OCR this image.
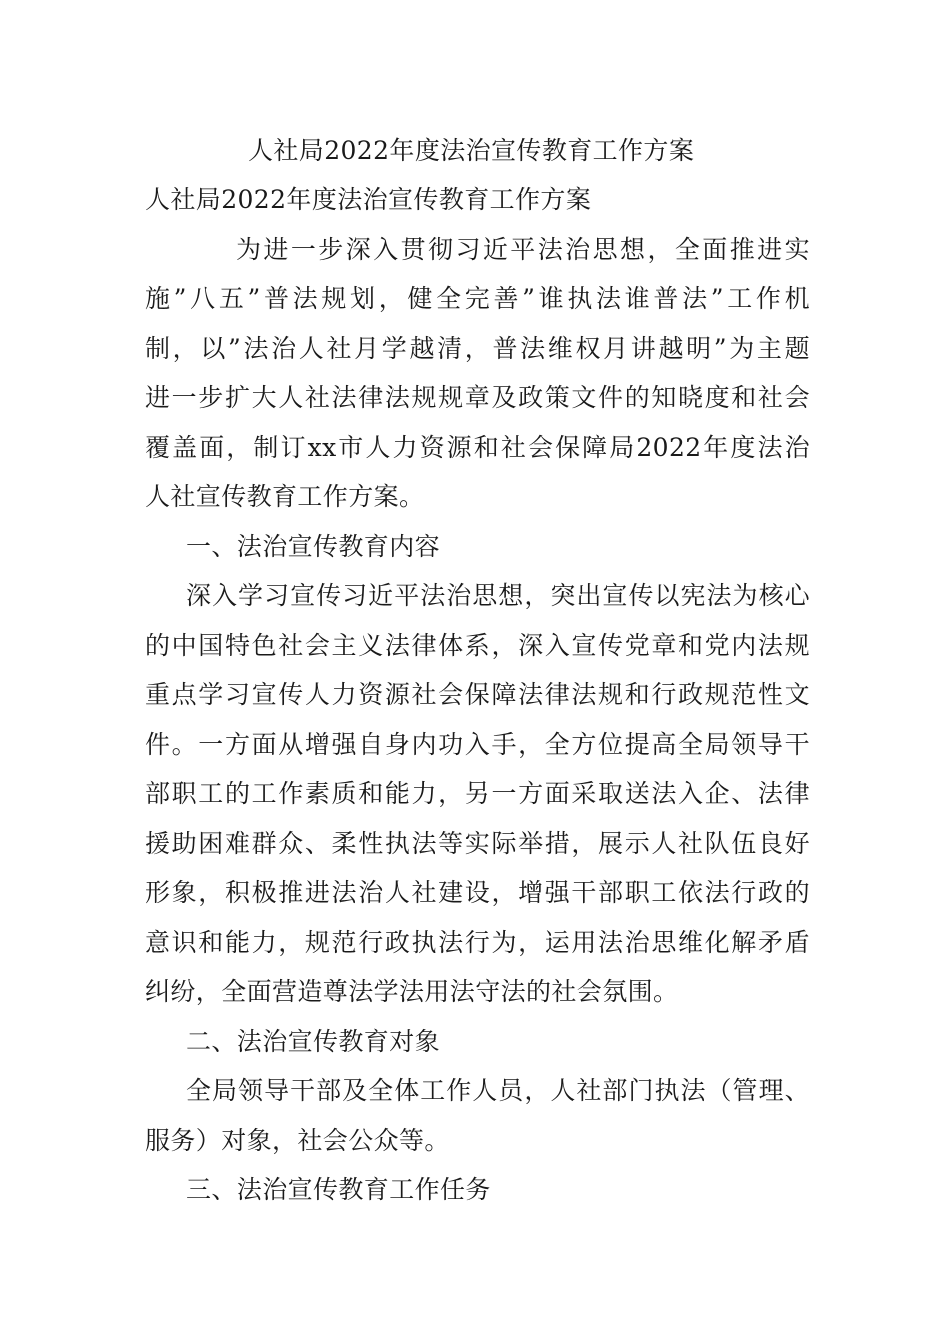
人社局2022年度法治宣传教育工作方案
人社局2022年度法治宣传教育工作方案
为进一步深入贯彻习近平法治思想，全面推进实
施”八五”普法规划，健全完善”谁执法谁普法”工作机
制，以”法治人社月学越清，普法维权月讲越明”为主题
进一步扩大人社法律法规规章及政策文件的知晓度和社会
覆盖面，制订xx市人力资源和社会保障局2022年度法治
人社宣传教育工作方案。
一、法治宣传教育内容
深入学习宣传习近平法治思想，突出宣传以宪法为核心
的中国特色社会主义法律体系，深入宣传党章和党内法规
重点学习宣传人力资源社会保障法律法规和行政规范性文
件。一方面从增强自身内功入手，全方位提高全局领导干
部职工的工作素质和能力，另一方面采取送法入企、法律
援助困难群众、柔性执法等实际举措，展示人社队伍良好
形象，积极推进法治人社建设，增强干部职工依法行政的
意识和能力，规范行政执法行为，运用法治思维化解矛盾
纠纷，全面营造尊法学法用法守法的社会氛围。
二、法治宣传教育对象
全局领导干部及全体工作人员，人社部门执法（管理、
服务）对象，社会公众等。
三、法治宣传教育工作任务
